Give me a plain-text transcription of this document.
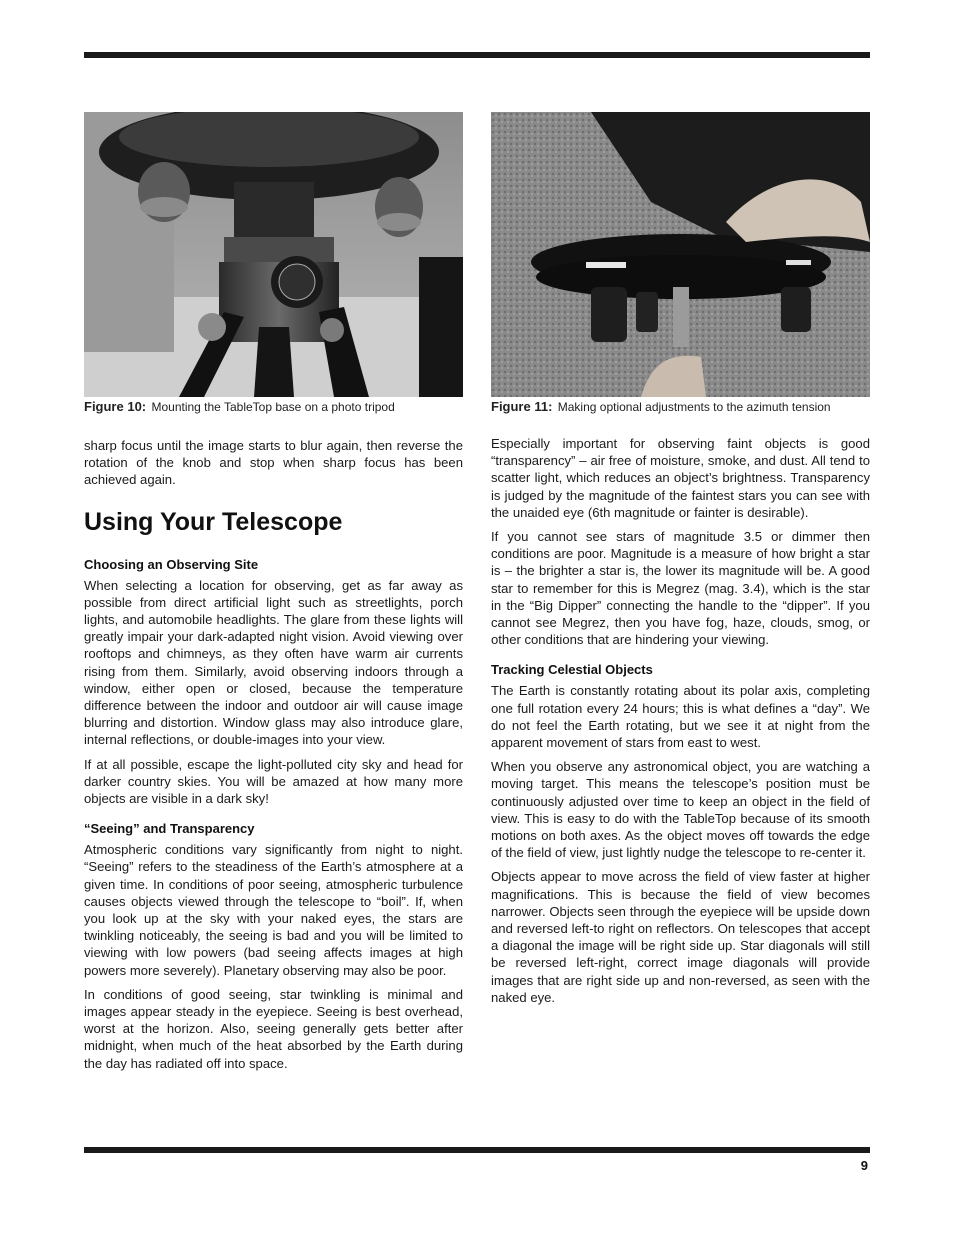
Figure 10: Mounting the TableTop base on a photo tripod

sharp focus until the image starts to blur again, then reverse the rotation of the knob and stop when sharp focus has been achieved again.

Using Your Telescope
Choosing an Observing Site

When selecting a location for observing, get as far away as possible from direct artificial light such as streetlights, porch lights, and automobile headlights. The glare from these lights will greatly impair your dark-adapted night vision. Avoid viewing over rooftops and chimneys, as they often have warm air currents rising from them. Similarly, avoid observing indoors through a window, either open or closed, because the temperature difference between the indoor and outdoor air will cause image blurring and distortion. Window glass may also introduce glare, internal reflections, or double-images into your view.

If at all possible, escape the light-polluted city sky and head for darker country skies. You will be amazed at how many more objects are visible in a dark sky!

“Seeing” and Transparency

Atmospheric conditions vary significantly from night to night. “Seeing” refers to the steadiness of the Earth’s atmosphere at a given time. In conditions of poor seeing, atmospheric turbulence causes objects viewed through the telescope to “boil”. If, when you look up at the sky with your naked eyes, the stars are twinkling noticeably, the seeing is bad and you will be limited to viewing with low powers (bad seeing affects images at high powers more severely). Planetary observing may also be poor.

In conditions of good seeing, star twinkling is minimal and images appear steady in the eyepiece. Seeing is best overhead, worst at the horizon. Also, seeing generally gets better after midnight, when much of the heat absorbed by the Earth during the day has radiated off into space.

Figure 11: Making optional adjustments to the azimuth tension

Especially important for observing faint objects is good “transparency” – air free of moisture, smoke, and dust. All tend to scatter light, which reduces an object’s brightness. Transparency is judged by the magnitude of the faintest stars you can see with the unaided eye (6th magnitude or fainter is desirable).

If you cannot see stars of magnitude 3.5 or dimmer then conditions are poor. Magnitude is a measure of how bright a star is – the brighter a star is, the lower its magnitude will be. A good star to remember for this is Megrez (mag. 3.4), which is the star in the “Big Dipper” connecting the handle to the “dipper”. If you cannot see Megrez, then you have fog, haze, clouds, smog, or other conditions that are hindering your viewing.

Tracking Celestial Objects

The Earth is constantly rotating about its polar axis, completing one full rotation every 24 hours; this is what defines a “day”. We do not feel the Earth rotating, but we see it at night from the apparent movement of stars from east to west.

When you observe any astronomical object, you are watching a moving target. This means the telescope’s position must be continuously adjusted over time to keep an object in the field of view. This is easy to do with the TableTop because of its smooth motions on both axes. As the object moves off towards the edge of the field of view, just lightly nudge the telescope to re-center it.

Objects appear to move across the field of view faster at higher magnifications. This is because the field of view becomes narrower. Objects seen through the eyepiece will be upside down and reversed left-to right on reflectors. On telescopes that accept a diagonal the image will be right side up. Star diagonals will still be reversed left-right, correct image diagonals will provide images that are right side up and non-reversed, as seen with the naked eye.

9
